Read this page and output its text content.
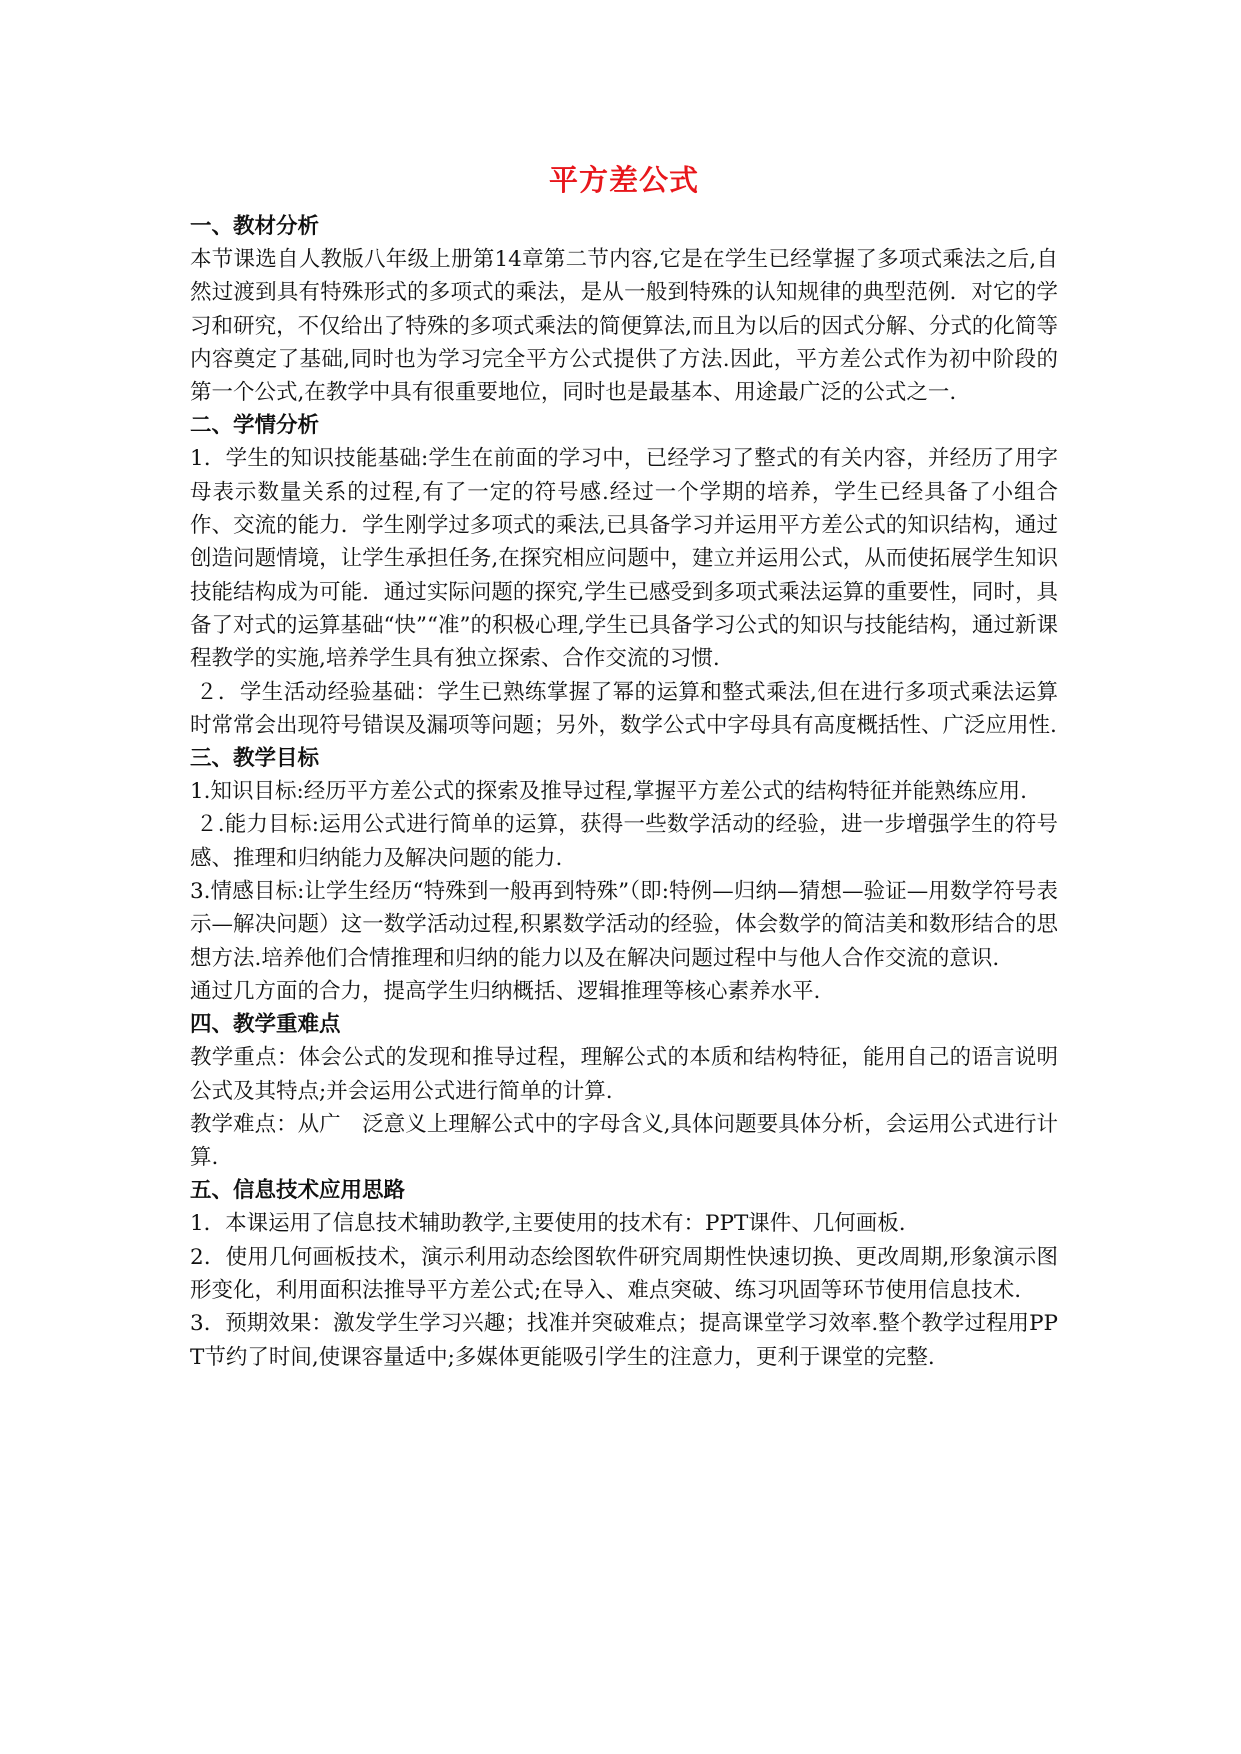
平方差公式

一、教材分析

本节课选自人教版八年级上册第14章第二节内容,它是在学生已经掌握了多项式乘法之后,自然过渡到具有特殊形式的多项式的乘法，是从一般到特殊的认知规律的典型范例．对它的学习和研究，不仅给出了特殊的多项式乘法的简便算法,而且为以后的因式分解、分式的化简等内容奠定了基础,同时也为学习完全平方公式提供了方法.因此，平方差公式作为初中阶段的第一个公式,在教学中具有很重要地位，同时也是最基本、用途最广泛的公式之一.

二、学情分析

1．学生的知识技能基础:学生在前面的学习中，已经学习了整式的有关内容，并经历了用字母表示数量关系的过程,有了一定的符号感.经过一个学期的培养，学生已经具备了小组合作、交流的能力．学生刚学过多项式的乘法,已具备学习并运用平方差公式的知识结构，通过创造问题情境，让学生承担任务,在探究相应问题中，建立并运用公式，从而使拓展学生知识技能结构成为可能．通过实际问题的探究,学生已感受到多项式乘法运算的重要性，同时，具备了对式的运算基础“快”“准”的积极心理,学生已具备学习公式的知识与技能结构，通过新课程教学的实施,培养学生具有独立探索、合作交流的习惯.

２．学生活动经验基础：学生已熟练掌握了幂的运算和整式乘法,但在进行多项式乘法运算时常常会出现符号错误及漏项等问题；另外，数学公式中字母具有高度概括性、广泛应用性.

三、教学目标

1.知识目标:经历平方差公式的探索及推导过程,掌握平方差公式的结构特征并能熟练应用.

２.能力目标:运用公式进行简单的运算，获得一些数学活动的经验，进一步增强学生的符号感、推理和归纳能力及解决问题的能力.

3.情感目标:让学生经历“特殊到一般再到特殊”（即:特例—归纳—猜想—验证—用数学符号表示—解决问题）这一数学活动过程,积累数学活动的经验，体会数学的简洁美和数形结合的思想方法.培养他们合情推理和归纳的能力以及在解决问题过程中与他人合作交流的意识.

通过几方面的合力，提高学生归纳概括、逻辑推理等核心素养水平.

四、教学重难点

教学重点：体会公式的发现和推导过程，理解公式的本质和结构特征，能用自己的语言说明公式及其特点;并会运用公式进行简单的计算.

教学难点：从广　泛意义上理解公式中的字母含义,具体问题要具体分析，会运用公式进行计算.

五、信息技术应用思路

1．本课运用了信息技术辅助教学,主要使用的技术有：PPT课件、几何画板.

2．使用几何画板技术，演示利用动态绘图软件研究周期性快速切换、更改周期,形象演示图形变化，利用面积法推导平方差公式;在导入、难点突破、练习巩固等环节使用信息技术.

3．预期效果：激发学生学习兴趣；找准并突破难点；提高课堂学习效率.整个教学过程用PPT节约了时间,使课容量适中;多媒体更能吸引学生的注意力，更利于课堂的完整.
